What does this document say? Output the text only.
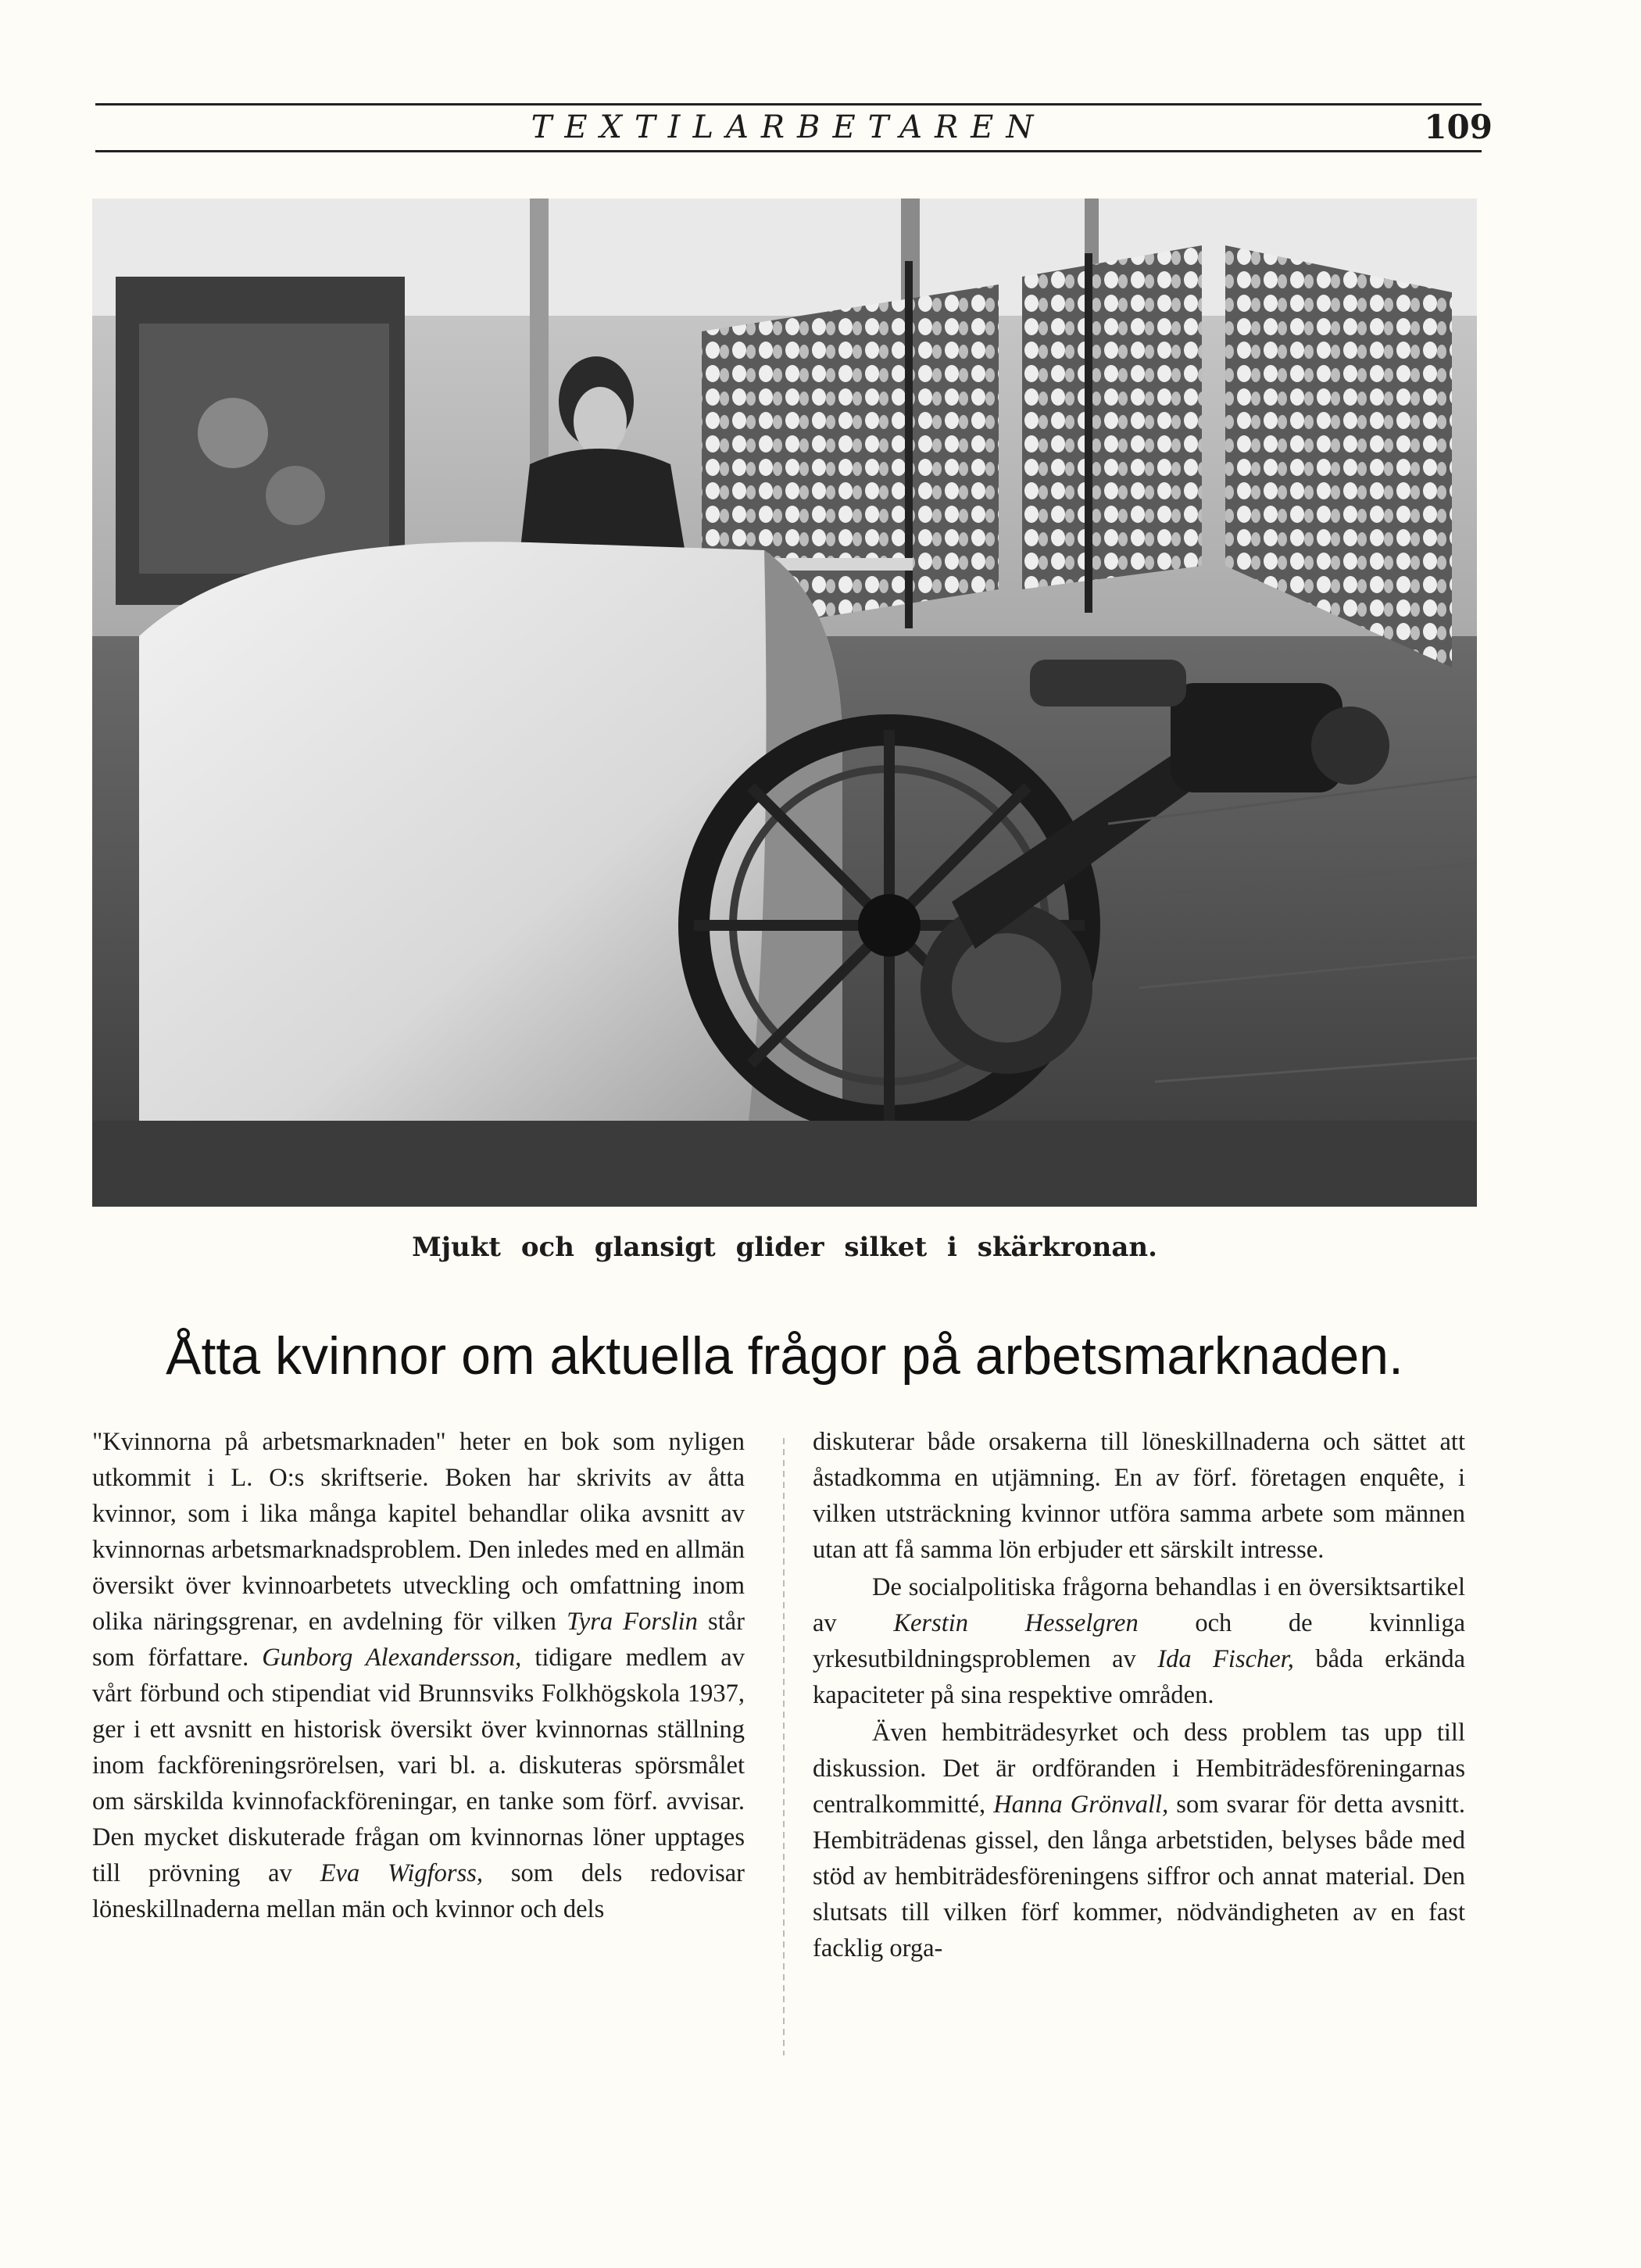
TEXTILARBETAREN	109
Mjukt och glansigt glider silket i skärkronan.
Åtta kvinnor om aktuella frågor på arbetsmarknaden.

"Kvinnorna på arbetsmarknaden" heter en bok som nyligen utkommit i L. O:s skriftserie. Boken har skrivits av åtta kvinnor, som i lika många kapitel behandlar olika avsnitt av kvinnornas arbetsmarknadsproblem. Den inledes med en allmän översikt över kvinnoarbetets utveckling och omfattning inom olika näringsgrenar, en avdelning för vilken Tyra Forslin står som författare. Gunborg Alexandersson, tidigare medlem av vårt förbund och stipendiat vid Brunnsviks Folkhögskola 1937, ger i ett avsnitt en historisk översikt över kvinnornas ställning inom fackföreningsrörelsen, vari bl. a. diskuteras spörsmålet om särskilda kvinnofackföreningar, en tanke som förf. avvisar. Den mycket diskuterade frågan om kvinnornas löner upptages till prövning av Eva Wigforss, som dels redovisar löneskillnaderna mellan män och kvinnor och dels

diskuterar både orsakerna till löneskillnaderna och sättet att åstadkomma en utjämning. En av förf. företagen enquête, i vilken utsträckning kvinnor utföra samma arbete som männen utan att få samma lön erbjuder ett särskilt intresse.

De socialpolitiska frågorna behandlas i en översiktsartikel av Kerstin Hesselgren och de kvinnliga yrkesutbildningsproblemen av Ida Fischer, båda erkända kapaciteter på sina respektive områden.

Även hembiträdesyrket och dess problem tas upp till diskussion. Det är ordföranden i Hembiträdesföreningarnas centralkommitté, Hanna Grönvall, som svarar för detta avsnitt. Hembiträdenas gissel, den långa arbetstiden, belyses både med stöd av hembiträdesföreningens siffror och annat material. Den slutsats till vilken förf kommer, nödvändigheten av en fast facklig orga-
